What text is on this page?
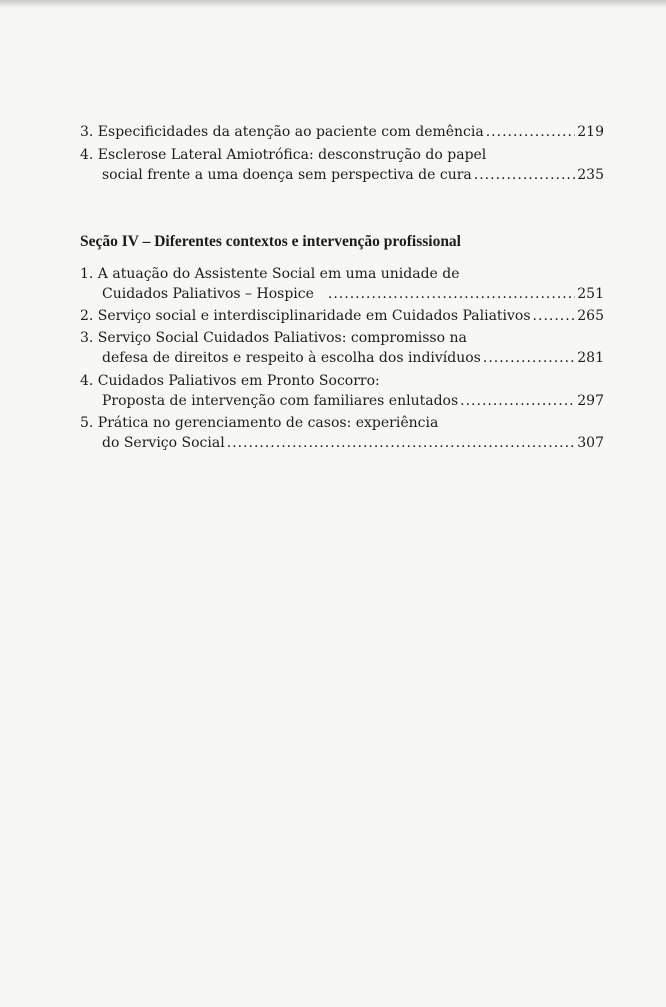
3. Especificidades da atenção ao paciente com demência .....	219
4. Esclerose Lateral Amiotrófica: desconstrução do papel
social frente a uma doença sem perspectiva de cura .....	235
Seção IV – Diferentes contextos e intervenção profissional
1. A atuação do Assistente Social em uma unidade de
Cuidados Paliativos – Hospice .....	251
2. Serviço social e interdisciplinaridade em Cuidados Paliativos .....	265
3. Serviço Social Cuidados Paliativos: compromisso na
defesa de direitos e respeito à escolha dos indivíduos .....	281
4. Cuidados Paliativos em Pronto Socorro:
Proposta de intervenção com familiares enlutados .....	297
5. Prática no gerenciamento de casos: experiência
do Serviço Social .....	307
